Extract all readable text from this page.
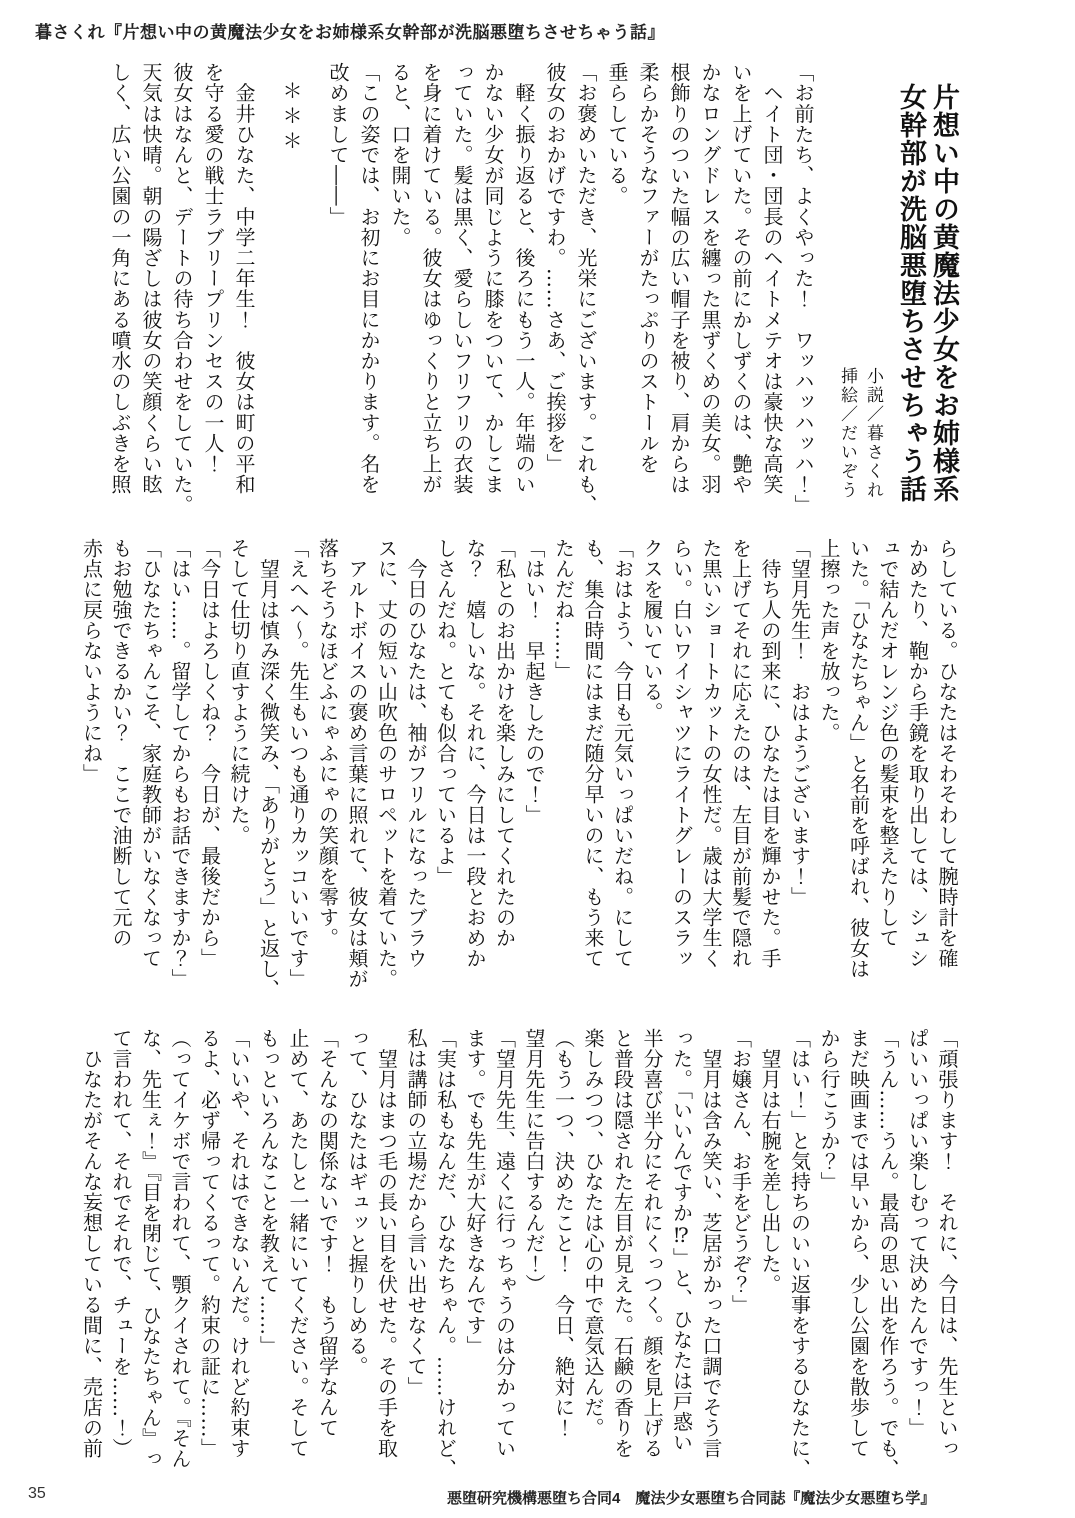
暮さくれ『片想い中の黄魔法少女をお姉様系女幹部が洗脳悪堕ちさせちゃう話』
片想い中の黄魔法少女をお姉様系
女幹部が洗脳悪堕ちさせちゃう話
小説／暮さくれ
挿絵／だいぞう
「お前たち、よくやった！　ワッハッハッハ！」
　ヘイト団・団長のヘイトメテオは豪快な高笑
いを上げていた。その前にかしずくのは、艶や
かなロングドレスを纏った黒ずくめの美女。羽
根飾りのついた幅の広い帽子を被り、肩からは
柔らかそうなファーがたっぷりのストールを
垂らしている。
「お褒めいただき、光栄にございます。これも、
彼女のおかげですわ。……さあ、ご挨拶を」
　軽く振り返ると、後ろにもう一人。年端のい
かない少女が同じように膝をついて、かしこま
っていた。髪は黒く、愛らしいフリフリの衣装
を身に着けている。彼女はゆっくりと立ち上が
ると、口を開いた。
「この姿では、お初にお目にかかります。名を
改めまして――」
＊＊＊
　金井ひなた、中学二年生！　彼女は町の平和
を守る愛の戦士ラブリープリンセスの一人！
彼女はなんと、デートの待ち合わせをしていた。
天気は快晴。朝の陽ざしは彼女の笑顔くらい眩
しく、広い公園の一角にある噴水のしぶきを照
らしている。ひなたはそわそわして腕時計を確
かめたり、鞄から手鏡を取り出しては、シュシ
ュで結んだオレンジ色の髪束を整えたりして
いた。「ひなたちゃん」と名前を呼ばれ、彼女は
上擦った声を放った。
「望月先生！　おはようございます！」
　待ち人の到来に、ひなたは目を輝かせた。手
を上げてそれに応えたのは、左目が前髪で隠れ
た黒いショートカットの女性だ。歳は大学生く
らい。白いワイシャツにライトグレーのスラッ
クスを履いている。
「おはよう、今日も元気いっぱいだね。にして
も、集合時間にはまだ随分早いのに、もう来て
たんだね……」
「はい！　早起きしたので！」
「私とのお出かけを楽しみにしてくれたのか
な？　嬉しいな。それに、今日は一段とおめか
しさんだね。とても似合っているよ」
　今日のひなたは、袖がフリルになったブラウ
スに、丈の短い山吹色のサロペットを着ていた。
　アルトボイスの褒め言葉に照れて、彼女は頬が
落ちそうなほどふにゃふにゃの笑顔を零す。
「えへへ〜。先生もいつも通りカッコいいです」
　望月は慎み深く微笑み、「ありがとう」と返し、
そして仕切り直すように続けた。
「今日はよろしくね？　今日が、最後だから」
「はい……。留学してからもお話できますか？」
「ひなたちゃんこそ、家庭教師がいなくなって
もお勉強できるかい？　ここで油断して元の
赤点に戻らないようにね」
「頑張ります！　それに、今日は、先生といっ
ぱいいっぱい楽しむって決めたんですっ！」
「うん……うん。最高の思い出を作ろう。でも、
まだ映画までは早いから、少し公園を散歩して
から行こうか？」
「はい！」と気持ちのいい返事をするひなたに、
　望月は右腕を差し出した。
「お嬢さん、お手をどうぞ？」
　望月は含み笑い、芝居がかった口調でそう言
った。「いいんですか⁉」と、ひなたは戸惑い
半分喜び半分にそれにくっつく。顔を見上げる
と普段は隠された左目が見えた。石鹸の香りを
楽しみつつ、ひなたは心の中で意気込んだ。
（もう一つ、決めたこと！　今日、絶対に！
望月先生に告白するんだ！）
「望月先生、遠くに行っちゃうのは分かってい
ます。でも先生が大好きなんです」
「実は私もなんだ、ひなたちゃん。……けれど、
私は講師の立場だから言い出せなくて」
　望月はまつ毛の長い目を伏せた。その手を取
って、ひなたはギュッと握りしめる。
「そんなの関係ないです！　もう留学なんて
止めて、あたしと一緒にいてください。そして
もっといろんなことを教えて……」
「いいや、それはできないんだ。けれど約束す
るよ、必ず帰ってくるって。約束の証に……」
（ってイケボで言われて、顎クイされて。『そん
な、先生ぇ！』『目を閉じて、ひなたちゃん』っ
て言われて、それでそれで、チューを……！）
　ひなたがそんな妄想している間に、売店の前
35	悪堕研究機構悪堕ち合同4　魔法少女悪堕ち合同誌『魔法少女悪堕ち学』
